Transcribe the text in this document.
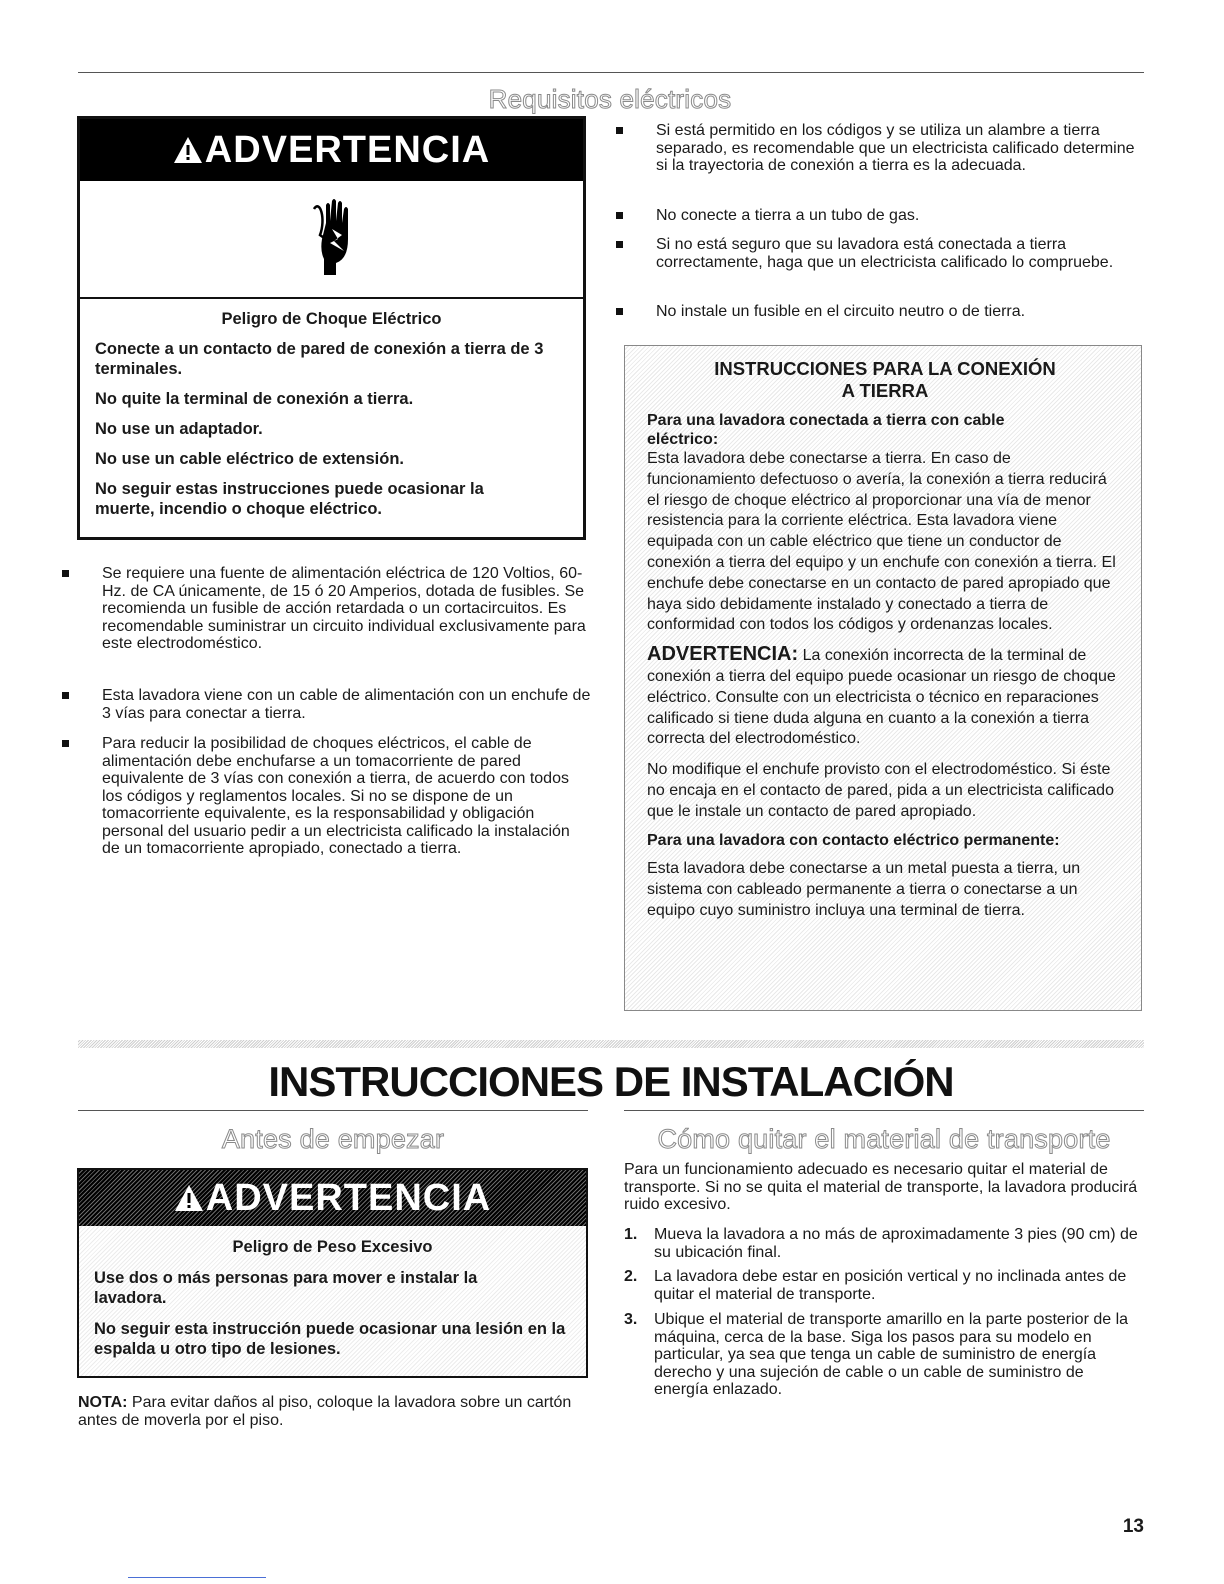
Requisitos eléctricos
ADVERTENCIA
Peligro de Choque Eléctrico
Conecte a un contacto de pared de conexión a tierra de 3 terminales.
No quite la terminal de conexión a tierra.
No use un adaptador.
No use un cable eléctrico de extensión.
No seguir estas instrucciones puede ocasionar la muerte, incendio o choque eléctrico.
Se requiere una fuente de alimentación eléctrica de 120 Voltios, 60-Hz. de CA únicamente, de 15 ó 20 Amperios, dotada de fusibles. Se recomienda un fusible de acción retardada o un cortacircuitos. Es recomendable suministrar un circuito individual exclusivamente para este electrodoméstico.
Esta lavadora viene con un cable de alimentación con un enchufe de 3 vías para conectar a tierra.
Para reducir la posibilidad de choques eléctricos, el cable de alimentación debe enchufarse a un tomacorriente de pared equivalente de 3 vías con conexión a tierra, de acuerdo con todos los códigos y reglamentos locales. Si no se dispone de un tomacorriente equivalente, es la responsabilidad y obligación personal del usuario pedir a un electricista calificado la instalación de un tomacorriente apropiado, conectado a tierra.
Si está permitido en los códigos y se utiliza un alambre a tierra separado, es recomendable que un electricista calificado determine si la trayectoria de conexión a tierra es la adecuada.
No conecte a tierra a un tubo de gas.
Si no está seguro que su lavadora está conectada a tierra correctamente, haga que un electricista calificado lo compruebe.
No instale un fusible en el circuito neutro o de tierra.
INSTRUCCIONES PARA LA CONEXIÓN
A TIERRA

Para una lavadora conectada a tierra con cable eléctrico:

Esta lavadora debe conectarse a tierra. En caso de funcionamiento defectuoso o avería, la conexión a tierra reducirá el riesgo de choque eléctrico al proporcionar una vía de menor resistencia para la corriente eléctrica. Esta lavadora viene equipada con un cable eléctrico que tiene un conductor de conexión a tierra del equipo y un enchufe con conexión a tierra. El enchufe debe conectarse en un contacto de pared apropiado que haya sido debidamente instalado y conectado a tierra de conformidad con todos los códigos y ordenanzas locales.

ADVERTENCIA: La conexión incorrecta de la terminal de conexión a tierra del equipo puede ocasionar un riesgo de choque eléctrico. Consulte con un electricista o técnico en reparaciones calificado si tiene duda alguna en cuanto a la conexión a tierra correcta del electrodoméstico.

No modifique el enchufe provisto con el electrodoméstico. Si éste no encaja en el contacto de pared, pida a un electricista calificado que le instale un contacto de pared apropiado.

Para una lavadora con contacto eléctrico permanente:

Esta lavadora debe conectarse a un metal puesta a tierra, un sistema con cableado permanente a tierra o conectarse a un equipo cuyo suministro incluya una terminal de tierra.

INSTRUCCIONES DE INSTALACIÓN
Antes de empezar	Cómo quitar el material de transporte
ADVERTENCIA
Peligro de Peso Excesivo
Use dos o más personas para mover e instalar la lavadora.
No seguir esta instrucción puede ocasionar una lesión en la espalda u otro tipo de lesiones.
NOTA: Para evitar daños al piso, coloque la lavadora sobre un cartón antes de moverla por el piso.
Para un funcionamiento adecuado es necesario quitar el material de transporte. Si no se quita el material de transporte, la lavadora producirá ruido excesivo.
1.	Mueva la lavadora a no más de aproximadamente 3 pies (90 cm) de su ubicación final.
2.	La lavadora debe estar en posición vertical y no inclinada antes de quitar el material de transporte.
3.	Ubique el material de transporte amarillo en la parte posterior de la máquina, cerca de la base. Siga los pasos para su modelo en particular, ya sea que tenga un cable de suministro de energía derecho y una sujeción de cable o un cable de suministro de energía enlazado.
13
